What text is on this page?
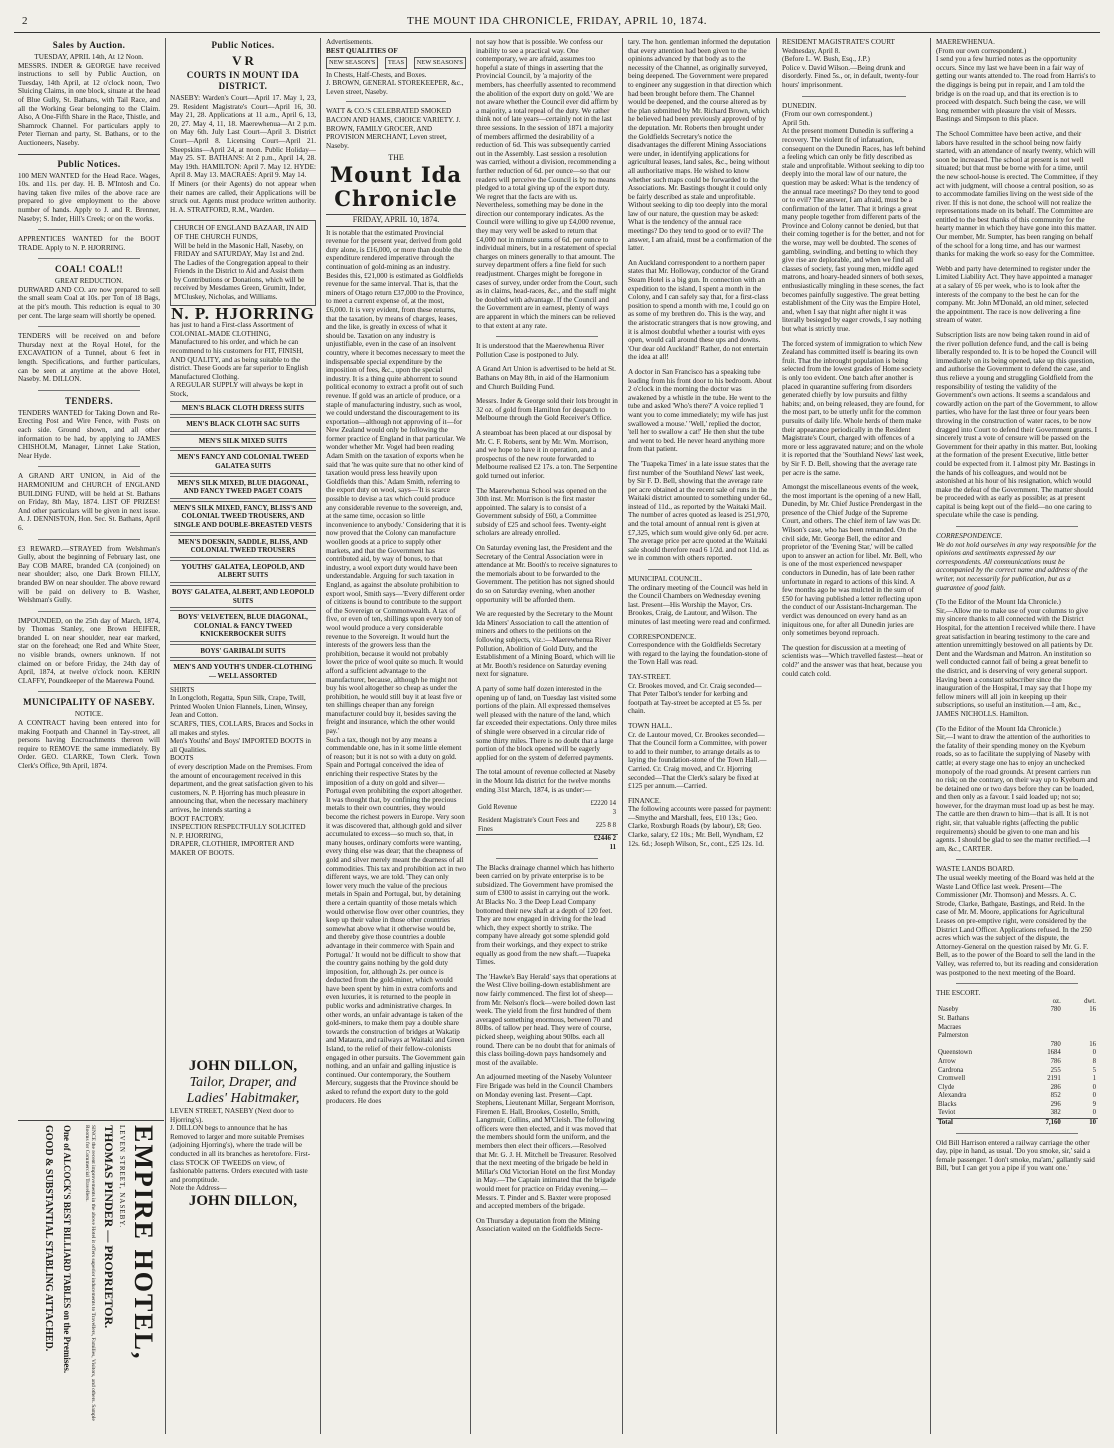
2	THE MOUNT IDA CHRONICLE, FRIDAY, APRIL 10, 1874.
Sales by Auction.
TUESDAY, APRIL 14th, At 12 Noon.
MESSRS. INDER & GEORGE have received instructions to sell by Public Auction, on Tuesday, 14th April, at 12 o'clock noon, Two Sluicing Claims, in one block, situate at the head of Blue Gully, St. Bathans, with Tail Race, and all the Working Gear belonging to the Claim. Also, A One-Fifth Share in the Race, Thistle, and Shamrock Channel. For particulars apply to Peter Tiernan and party, St. Bathans, or to the Auctioneers, Naseby.
Public Notices.
100 MEN WANTED for the Head Race. Wages, 10s. and 11s. per day. H. B. M'Intosh and Co. having taken five miles of the above race are prepared to give employment to the above number of hands. Apply to J. and R. Brenner, Naseby; S. Inder, Hill's Creek; or on the works.
APPRENTICES WANTED for the BOOT TRADE. Apply to N. P. HJORRING.
COAL! COAL!!
GREAT REDUCTION.
DURWARD AND CO. are now prepared to sell the small seam Coal at 10s. per Ton of 18 Bags, at the pit's mouth. This reduction is equal to 30 per cent. The large seam will shortly be opened.
TENDERS will be received on and before Thursday next at the Royal Hotel, for the EXCAVATION of a Tunnel, about 6 feet in length. Specifications, and further particulars, can be seen at anytime at the above Hotel, Naseby. M. DILLON.
TENDERS.
TENDERS WANTED for Taking Down and Re-Erecting Post and Wire Fence, with Posts on each side. Ground shown, and all other information to be had, by applying to JAMES CHISHOLM, Manager, Linnet Lake Station, Near Hyde.
A GRAND ART UNION, in Aid of the HARMONIUM and CHURCH of ENGLAND BUILDING FUND, will be held at St. Bathans on Friday, 8th May, 1874. LIST OF PRIZES! And other particulars will be given in next issue. A. J. DENNISTON, Hon. Sec. St. Bathans, April 6.
£3 REWARD.—STRAYED from Welshman's Gully, about the beginning of February last, one Bay COB MARE, branded CA (conjoined) on near shoulder; also, one Dark Brown FILLY, branded BW on near shoulder. The above reward will be paid on delivery to B. Washer, Welshman's Gully.
IMPOUNDED, on the 25th day of March, 1874, by Thomas Stanley, one Brown HEIFER, branded L on near shoulder, near ear marked, star on the forehead; one Red and White Steer, no visible brands, owners unknown. If not claimed on or before Friday, the 24th day of April, 1874, at twelve o'clock noon. KERIN CLAFFY, Poundkeeper of the Maerewa Pound.
MUNICIPALITY OF NASEBY.
NOTICE.
A CONTRACT having been entered into for making Footpath and Channel in Tay-street, all persons having Encroachments thereon will require to REMOVE the same immediately. By Order. GEO. CLARKE, Town Clerk. Town Clerk's Office, 9th April, 1874.
Public Notices.
V R
COURTS IN MOUNT IDA DISTRICT.
NASEBY: Warden's Court—April 17. May 1, 23, 29. Resident Magistrate's Court—April 16, 30. May 21, 28. Applications at 11 a.m., April 6, 13, 20, 27. May 4, 11, 18. Maerewhenua—At 2 p.m. on May 6th. July Last Court—April 3. District Court—April 8. Licensing Court—April 21. Sheepskins—April 24, at noon. Public Holiday—May 25. ST. BATHANS: At 2 p.m., April 14, 28. May 19th. HAMILTON: April 7. May 12. HYDE: April 8. May 13. MACRAES: April 9. May 14.
If Miners (or their Agents) do not appear when their names are called, their Applications will be struck out. Agents must produce written authority. H. A. STRATFORD, R.M., Warden.
CHURCH OF ENGLAND BAZAAR, IN AID OF THE CHURCH FUNDS,
Will be held in the Masonic Hall, Naseby, on FRIDAY and SATURDAY, May 1st and 2nd. The Ladies of the Congregation appeal to their Friends in the District to Aid and Assist them by Contributions or Donations, which will be received by Mesdames Green, Grumitt, Inder, M'Cluskey, Nicholas, and Williams.
N. P. HJORRING
has just to hand a First-class Assortment of
COLONIAL-MADE CLOTHING,
Manufactured to his order, and which he can recommend to his customers for FIT, FINISH, AND QUALITY, and as being suitable to the district. These Goods are far superior to English Manufactured Clothing.
A REGULAR SUPPLY will always be kept in Stock,
MEN'S BLACK CLOTH DRESS SUITS
MEN'S BLACK CLOTH SAC SUITS
MEN'S SILK MIXED SUITS
MEN'S FANCY AND COLONIAL TWEED GALATEA SUITS
MEN'S SILK MIXED, BLUE DIAGONAL, AND FANCY TWEED PAGET COATS
MEN'S SILK MIXED, FANCY, BLISS'S AND COLONIAL TWEED TROUSERS, AND SINGLE AND DOUBLE-BREASTED VESTS
MEN'S DOESKIN, SADDLE, BLISS, AND COLONIAL TWEED TROUSERS
YOUTHS' GALATEA, LEOPOLD, AND ALBERT SUITS
BOYS' GALATEA, ALBERT, AND LEOPOLD SUITS
BOYS' VELVETEEN, BLUE DIAGONAL, COLONIAL & FANCY TWEED KNICKERBOCKER SUITS
BOYS' GARIBALDI SUITS
MEN'S AND YOUTH'S UNDER-CLOTHING — WELL ASSORTED
SHIRTS
In Longcloth, Regatta, Spun Silk, Crape, Twill, Printed Woolen Union Flannels, Linen, Winsey, Jean and Cotton.
SCARFS, TIES, COLLARS, Braces and Socks in all makes and styles.
Men's Youths' and Boys' IMPORTED BOOTS in all Qualities.
BOOTS
of every description Made on the Premises. From the amount of encouragement received in this department, and the great satisfaction given to his customers, N. P. Hjorring has much pleasure in announcing that, when the necessary machinery arrives, he intends starting a
BOOT FACTORY.
INSPECTION RESPECTFULLY SOLICITED
N. P. HJORRING,
DRAPER, CLOTHIER, IMPORTER AND MAKER OF BOOTS.
JOHN DILLON,
Tailor, Draper, and Ladies' Habitmaker,
LEVEN STREET, NASEBY (Next door to Hjorring's).
J. DILLON begs to announce that he has Removed to larger and more suitable Premises (adjoining Hjorring's), where the trade will be conducted in all its branches as heretofore. First-class STOCK OF TWEEDS on view, of fashionable patterns. Orders executed with taste and promptitude.
Note the Address—
JOHN DILLON,
EMPIRE HOTEL,
LEVEN STREET, NASEBY.
THOMAS PINDER — PROPRIETOR.
SINCE the recent improvements in the above Hotel it offers superior inducements to Travellers, Families, Visitors, and others. Sample Rooms for Commercial Travellers.
One of ALCOCK'S BEST BILLIARD TABLES on the Premises.
GOOD & SUBSTANTIAL STABLING ATTACHED.
Advertisements.
BEST QUALITIES OF
NEW SEASON'S	TEAS	NEW SEASON'S
In Chests, Half-Chests, and Boxes.
J. BROWN, GENERAL STOREKEEPER, &c., Leven street, Naseby.
WATT & CO.'S CELEBRATED SMOKED BACON AND HAMS, CHOICE VARIETY. J. BROWN, FAMILY GROCER, AND PROVISION MERCHANT, Leven street, Naseby.
THE
Mount Ida Chronicle
FRIDAY, APRIL 10, 1874.
It is notable that the estimated Provincial revenue for the present year, derived from gold duty alone, is £16,000, or more than double the expenditure rendered imperative through the continuation of gold-mining as an industry. Besides this, £21,000 is estimated as Goldfields revenue for the same interval. That is, that the miners of Otago return £37,000 to the Province, to meet a current expense of, at the most, £6,000. It is very evident, from these returns, that the taxation, by means of charges, leases, and the like, is greatly in excess of what it should be. Taxation on any industry is unjustifiable, even in the case of an insolvent country, where it becomes necessary to meet the indispensable special expenditure by the imposition of fees, &c., upon the special industry. It is a thing quite abhorrent to sound political economy to extract a profit out of such revenue. If gold was an article of produce, or a staple of manufacturing industry, such as wool, we could understand the discouragement to its exportation—although not approving of it—for New Zealand would only be following the former practice of England in that particular. We wonder whether Mr. Vogel had been reading Adam Smith on the taxation of exports when he said that 'he was quite sure that no other kind of taxation would press less heavily upon Goldfields than this.' Adam Smith, referring to the export duty on wool, says—'It is scarce possible to devise a tax which could produce any considerable revenue to the sovereign, and, at the same time, occasion so little inconvenience to anybody.' Considering that it is now proved that the Colony can manufacture woollen goods at a price to supply other markets, and that the Government has contributed aid, by way of bonus, to that industry, a wool export duty would have been understandable. Arguing for such taxation in England, as against the absolute prohibition to export wool, Smith says—'Every different order of citizens is bound to contribute to the support of the Sovereign or Commonwealth. A tax of five, or even of ten, shillings upon every ton of wool would produce a very considerable revenue to the Sovereign. It would hurt the interests of the growers less than the prohibition, because it would not probably lower the price of wool quite so much. It would afford a sufficient advantage to the manufacturer, because, although he might not buy his wool altogether so cheap as under the prohibition, he would still buy it at least five or ten shillings cheaper than any foreign manufacturer could buy it, besides saving the freight and insurance, which the other would pay.'
Such a tax, though not by any means a commendable one, has in it some little element of reason; but it is not so with a duty on gold. Spain and Portugal conceived the idea of enriching their respective States by the imposition of a duty on gold and silver—Portugal even prohibiting the export altogether. It was thought that, by confining the precious metals to their own countries, they would become the richest powers in Europe. Very soon it was discovered that, although gold and silver accumulated to excess—so much so, that, in many houses, ordinary comforts were wanting, every thing else was dear; that the cheapness of gold and silver merely meant the dearness of all commodities. This tax and prohibition act in two different ways, we are told. 'They can only lower very much the value of the precious metals in Spain and Portugal, but, by detaining there a certain quantity of those metals which would otherwise flow over other countries, they keep up their value in those other countries somewhat above what it otherwise would be, and thereby give those countries a double advantage in their commerce with Spain and Portugal.' It would not be difficult to show that the country gains nothing by the gold duty imposition, for, although 2s. per ounce is deducted from the gold-miner, which would have been spent by him in extra comforts and even luxuries, it is returned to the people in public works and administrative charges. In other words, an unfair advantage is taken of the gold-miners, to make them pay a double share towards the construction of bridges at Wakatip and Mataura, and railways at Waitaki and Green Island, to the relief of their fellow-colonists engaged in other pursuits. The Government gain nothing, and an unfair and galling injustice is continued. Our contemporary, the Southern Mercury, suggests that the Province should be asked to refund the export duty to the gold producers. He does
not say how that is possible. We confess our inability to see a practical way. One contemporary, we are afraid, assumes too hopeful a state of things in asserting that the Provincial Council, by 'a majority of the members, has cheerfully assented to recommend the abolition of the export duty on gold.' We are not aware whether the Council ever did affirm by a majority, a total repeal of the duty. We rather think not of late years—certainly not in the last three sessions. In the session of 1871 a majority of members affirmed the desirability of a reduction of 6d. This was subsequently carried out in the Assembly. Last session a resolution was carried, without a division, recommending a further reduction of 6d. per ounce—so that our readers will perceive the Council is by no means pledged to a total giving up of the export duty. We regret that the facts are with us. Nevertheless, something may be done in the direction our contemporary indicates. As the Council were willing to give up £4,000 revenue, they may very well be asked to return that £4,000 not in minute sums of 6d. per ounce to individual miners, but in a restatement of special charges on miners generally to that amount. The survey department offers a fine field for such readjustment. Charges might be foregone in cases of survey, under order from the Court, such as in claims, head-races, &c., and the staff might be doubled with advantage. If the Council and the Government are in earnest, plenty of ways are apparent in which the miners can be relieved to that extent at any rate.
It is understood that the Maerewhenua River Pollution Case is postponed to July.
A Grand Art Union is advertised to be held at St. Bathans on May 8th, in aid of the Harmonium and Church Building Fund.
Messrs. Inder & George sold their lots brought in 32 oz. of gold from Hamilton for despatch to Melbourne through the Gold Receiver's Office.
A steamboat has been placed at our disposal by Mr. C. F. Roberts, sent by Mr. Wm. Morrison, and we hope to have it in operation, and a prospectus of the new route forwarded to Melbourne realised £2 17s. a ton. The Serpentine gold turned out inferior.
The Maerewhenua School was opened on the 30th inst. Mr. Morrison is the first master appointed. The salary is to consist of a Government subsidy of £60, a Committee subsidy of £25 and school fees. Twenty-eight scholars are already enrolled.
On Saturday evening last, the President and the Secretary of the Central Association were in attendance at Mr. Booth's to receive signatures to the memorials about to be forwarded to the Government. The petition has not signed should do so on Saturday evening, when another opportunity will be afforded them.
We are requested by the Secretary to the Mount Ida Miners' Association to call the attention of miners and others to the petitions on the following subjects, viz.:—Maerewhenua River Pollution, Abolition of Gold Duty, and the Establishment of a Mining Board, which will lie at Mr. Booth's residence on Saturday evening next for signature.
A party of some half dozen interested in the opening up of land, on Tuesday last visited some portions of the plain. All expressed themselves well pleased with the nature of the land, which far exceeded their expectations. Only three miles of shingle were observed in a circular ride of some thirty miles. There is no doubt that a large portion of the block opened will be eagerly applied for on the system of deferred payments.
The total amount of revenue collected at Naseby in the Mount Ida district for the twelve months ending 31st March, 1874, is as under:—
Gold Revenue	£2220 14 3
Resident Magistrate's Court Fees and Fines	225 8 8
	£2446 2 11
The Blacks drainage channel which has hitherto been carried on by private enterprise is to be subsidized. The Government have promised the sum of £300 to assist in carrying out the work. At Blacks No. 3 the Deep Lead Company bottomed their new shaft at a depth of 120 feet. They are now engaged in driving for the lead which, they expect shortly to strike. The company have already got some splendid gold from their workings, and they expect to strike equally as good from the new shaft.—Tuapeka Times.
The 'Hawke's Bay Herald' says that operations at the West Clive boiling-down establishment are now fairly commenced. The first lot of sheep—from Mr. Nelson's flock—were boiled down last week. The yield from the first hundred of them averaged something enormous, between 70 and 80lbs. of tallow per head. They were of course, picked sheep, weighing about 90lbs. each all round. There can be no doubt that for animals of this class boiling-down pays handsomely and most of the available.
An adjourned meeting of the Naseby Volunteer Fire Brigade was held in the Council Chambers on Monday evening last. Present—Capt. Stephens, Lieutenant Millar, Sergeant Morrison, Firemen E. Hall, Brookes, Costello, Smith, Langmuir, Collins, and M'Cleish. The following officers were then elected, and it was moved that the members should form the uniform, and the members then elect their officers.—Resolved that Mr. G. J. H. Mitchell be Treasurer. Resolved that the next meeting of the brigade be held in Millar's Old Victorian Hotel on the first Monday in May.—The Captain intimated that the brigade would meet for practice on Friday evening.—Messrs. T. Pinder and S. Baxter were proposed and accepted members of the brigade.
On Thursday a deputation from the Mining Association waited on the Goldfields Secre-
tary. The hon. gentleman informed the deputation that every attention had been given to the opinions advanced by that body as to the necessity of the Channel, as originally surveyed, being deepened. The Government were prepared to engineer any suggestion in that direction which had been brought before them. The Channel would be deepened, and the course altered as by the plan submitted by Mr. Richard Brown, which he believed had been previously approved of by the deputation. Mr. Roberts then brought under the Goldfields Secretary's notice the disadvantages the different Mining Associations were under, in identifying applications for agricultural leases, land sales, &c., being without all authoritative maps. He wished to know whether such maps could be forwarded to the Associations. Mr. Bastings thought it could only be fairly described as stale and unprofitable. Without seeking to dip too deeply into the moral law of our nature, the question may be asked: What is the tendency of the annual race meetings? Do they tend to good or to evil? The answer, I am afraid, must be a confirmation of the latter.
An Auckland correspondent to a northern paper states that Mr. Holloway, conductor of the Grand Steam Hotel is a big gun. In connection with an expedition to the island, I spent a month in the Colony, and I can safely say that, for a first-class position to spend a month with me, I could go on as some of my brethren do. This is the way, and the aristocratic strangers that is now growing, and it is almost doubtful whether a tourist with eyes open, would call around these ups and downs. 'Our dear old Auckland!' Rather, do not entertain the idea at all!
A doctor in San Francisco has a speaking tube leading from his front door to his bedroom. About 2 o'clock in the morning the doctor was awakened by a whistle in the tube. He went to the tube and asked 'Who's there?' A voice replied 'I want you to come immediately; my wife has just swallowed a mouse.' 'Well,' replied the doctor, 'tell her to swallow a cat!' He then shut the tube and went to bed. He never heard anything more from that patient.
The 'Tuapeka Times' in a late issue states that the first number of the 'Southland News' last week, by Sir F. D. Bell, showing that the average rate per acre obtained at the recent sale of runs in the Waitaki district amounted to something under 6d., instead of 11d., as reported by the Waitaki Mail. The number of acres quoted as leased is 251,970, and the total amount of annual rent is given at £7,325, which sum would give only 6d. per acre. The average price per acre quoted at the Waitaki sale should therefore read 6 1/2d. and not 11d. as we in common with others reported.
MUNICIPAL COUNCIL.
The ordinary meeting of the Council was held in the Council Chambers on Wednesday evening last. Present—His Worship the Mayor, Crs. Brookes, Craig, de Lautour, and Wilson. The minutes of last meeting were read and confirmed.
CORRESPONDENCE.
Correspondence with the Goldfields Secretary with regard to the laying the foundation-stone of the Town Hall was read.
TAY-STREET.
Cr. Brookes moved, and Cr. Craig seconded—That Peter Talbot's tender for kerbing and footpath at Tay-street be accepted at £5 5s. per chain.
TOWN HALL.
Cr. de Lautour moved, Cr. Brookes seconded—That the Council form a Committee, with power to add to their number, to arrange details as to laying the foundation-stone of the Town Hall.—Carried. Cr. Craig moved, and Cr. Hjorring seconded—That the Clerk's salary be fixed at £125 per annum.—Carried.
FINANCE.
The following accounts were passed for payment:—Smythe and Marshall, fees, £10 13s.; Geo. Clarke, Roxburgh Roads (by labour), £8; Geo. Clarke, salary, £2 10s.; Mr. Bell, Wyndham, £2 12s. 6d.; Joseph Wilson, Sr., cont., £25 12s. 1d.
RESIDENT MAGISTRATE'S COURT
Wednesday, April 8.
(Before L. W. Bush, Esq., J.P.)
Police v. David Wilson.—Being drunk and disorderly. Fined 5s., or, in default, twenty-four hours' imprisonment.
DUNEDIN.
(From our own correspondent.)
April 5th.
At the present moment Dunedin is suffering a recovery. The violent fit of infatuation, consequent on the Dunedin Races, has left behind a feeling which can only be fitly described as stale and unprofitable. Without seeking to dip too deeply into the moral law of our nature, the question may be asked: What is the tendency of the annual race meetings? Do they tend to good or to evil? The answer, I am afraid, must be a confirmation of the latter. That it brings a great many people together from different parts of the Province and Colony cannot be denied, but that their coming together is for the better, and not for the worse, may well be doubted. The scenes of gambling, swindling, and betting to which they give rise are deplorable, and when we find all classes of society, fast young men, middle aged matrons, and hoary-headed sinners of both sexes, enthusiastically mingling in these scenes, the fact becomes painfully suggestive. The great betting establishment of the City was the Empire Hotel, and, when I say that night after night it was literally besieged by eager crowds, I say nothing but what is strictly true.
The forced system of immigration to which New Zealand has committed itself is bearing its own fruit. That the inbrought population is being selected from the lowest grades of Home society is only too evident. One batch after another is placed in quarantine suffering from disorders generated chiefly by low pursuits and filthy habits; and, on being released, they are found, for the most part, to be utterly unfit for the common pursuits of daily life. Whole herds of them make their appearance periodically in the Resident Magistrate's Court, charged with offences of a more or less aggravated nature; and on the whole it is reported that the 'Southland News' last week, by Sir F. D. Bell, showing that the average rate per acre is the same.
Amongst the miscellaneous events of the week, the most important is the opening of a new Hall, Dunedin, by Mr. Chief Justice Prendergast in the presence of the Chief Judge of the Supreme Court, and others. The chief item of law was Dr. Wilson's case, who has been remanded. On the civil side, Mr. George Bell, the editor and proprietor of the 'Evening Star,' will be called upon to answer an action for libel. Mr. Bell, who is one of the most experienced newspaper conductors in Dunedin, has of late been rather unfortunate in regard to actions of this kind. A few months ago he was mulcted in the sum of £50 for having published a letter reflecting upon the conduct of our Assistant-Inchargeman. The verdict was denounced on every hand as an iniquitous one, for after all Dunedin juries are only sometimes beyond reproach.
The question for discussion at a meeting of scientists was—'Which travelled fastest—heat or cold?' and the answer was that heat, because you could catch cold.
MAEREWHENUA.
(From our own correspondent.)
I send you a few hurried notes as the opportunity occurs. Since my last we have been in a fair way of getting our wants attended to. The road from Harris's to the diggings is being put in repair, and I am told the bridge is on the road up, and that its erection is to proceed with despatch. Such being the case, we will long remember with pleasure the visit of Messrs. Bastings and Simpson to this place.
The School Committee have been active, and their labors have resulted in the school being now fairly started, with an attendance of nearly twenty, which will soon be increased. The school at present is not well situated; but that must be borne with for a time, until the new school-house is erected. The Committee, if they act with judgment, will choose a central position, so as to accommodate families living on the west side of the river. If this is not done, the school will not realize the representations made on its behalf. The Committee are entitled to the best thanks of this community for the hearty manner in which they have gone into this matter. Our member, Mr. Sumpter, has been ranging on behalf of the school for a long time, and has our warmest thanks for making the work so easy for the Committee.
Webb and party have determined to register under the Limited Liability Act. They have appointed a manager at a salary of £6 per week, who is to look after the interests of the company to the best he can for the company. Mr. John M'Donald, an old miner, selected the appointment. The race is now delivering a fine stream of water.
Subscription lists are now being taken round in aid of the river pollution defence fund, and the call is being liberally responded to. It is to be hoped the Council will immediately on its being opened, take up this question, and authorise the Government to defend the case, and thus relieve a young and struggling Goldfield from the responsibility of testing the validity of the Government's own actions. It seems a scandalous and cowardly action on the part of the Government, to allow parties, who have for the last three or four years been throwing in the construction of water races, to be now dragged into Court to defend their Government grants. I sincerely trust a vote of censure will be passed on the Government for their apathy in this matter. But, looking at the formation of the present Executive, little better could be expected from it. I almost pity Mr. Bastings in the hands of his colleagues, and would not be astonished at his hour of his resignation, which would make the defeat of the Government. The matter should be proceeded with as early as possible; as at present capital is being kept out of the field—no one caring to speculate while the case is pending.
CORRESPONDENCE.
We do not hold ourselves in any way responsible for the opinions and sentiments expressed by our correspondents. All communications must be accompanied by the correct name and address of the writer, not necessarily for publication, but as a guarantee of good faith.
(To the Editor of the Mount Ida Chronicle.)
Sir,—Allow me to make use of your columns to give my sincere thanks to all connected with the District Hospital, for the attention I received while there. I have great satisfaction in bearing testimony to the care and attention unremittingly bestowed on all patients by Dr. Dent and the Wardsman and Matron. An institution so well conducted cannot fail of being a great benefit to the district, and is deserving of very general support. Having been a constant subscriber since the inauguration of the Hospital, I may say that I hope my fellow miners will all join in keeping up their subscriptions, so useful an institution.—I am, &c., JAMES NICHOLLS. Hamilton.
(To the Editor of the Mount Ida Chronicle.)
Sir,—I want to draw the attention of the authorities to the fatality of their spending money on the Kyeburn roads, so as to facilitate the supplying of Naseby with cattle; at every stage one has to enjoy an unchecked monopoly of the road grounds. At present carriers run no risk; on the contrary, on their way up to Kyeburn and be detained one or two days before they can be loaded, and then only as a favour. I said loaded up; not so; however, for the drayman must load up as best he may. The cattle are then drawn to him—that is all. It is not right, sir, that valuable rights (affecting the public requirements) should be given to one man and his agents. I should be glad to see the matter rectified.—I am, &c., CARTER.
WASTE LANDS BOARD.
The usual weekly meeting of the Board was held at the Waste Land Office last week. Present—The Commissioner (Mr. Thomson) and Messrs. A. C. Strode, Clarke, Bathgate, Bastings, and Reid. In the case of Mr. M. Moore, applications for Agricultural Leases on pre-emptive right, were considered by the District Land Officer. Applications refused. In the 250 acres which was the subject of the dispute, the Attorney-General on the question raised by Mr. G. F. Bell, as to the power of the Board to sell the land in the Valley, was referred to, but its reading and consideration was postponed to the next meeting of the Board.
THE ESCORT.
	oz.	dwt.
Naseby	780	16
St. Bathans		
Macraes		
Palmerston		
	780	16
Queenstown	1684	0
Arrow	786	8
Cardrona	255	5
Cromwell	2191	1
Clyde	286	0
Alexandra	852	0
Blacks	296	9
Teviot	382	0
Total	7,160	10
Old Bill Harrison entered a railway carriage the other day, pipe in hand, as usual. 'Do you smoke, sir,' said a female passenger. 'I don't smoke, ma'am,' gallantly said Bill, 'but I can get you a pipe if you want one.'
